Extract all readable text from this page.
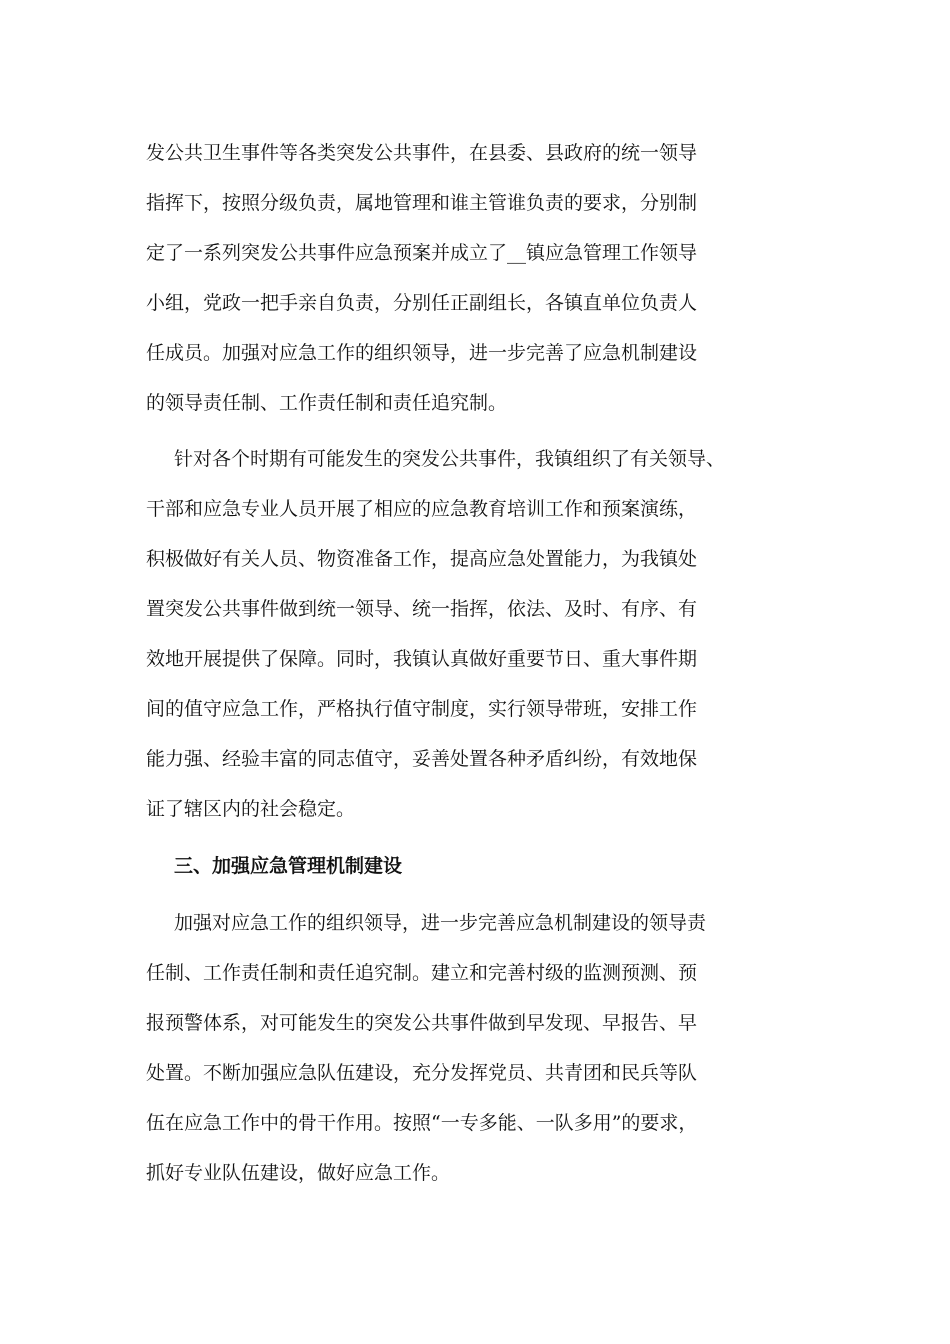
发公共卫生事件等各类突发公共事件，在县委、县政府的统一领导
指挥下，按照分级负责，属地管理和谁主管谁负责的要求，分别制
定了一系列突发公共事件应急预案并成立了__镇应急管理工作领导
小组，党政一把手亲自负责，分别任正副组长，各镇直单位负责人
任成员。加强对应急工作的组织领导，进一步完善了应急机制建设
的领导责任制、工作责任制和责任追究制。
针对各个时期有可能发生的突发公共事件，我镇组织了有关领导、
干部和应急专业人员开展了相应的应急教育培训工作和预案演练，
积极做好有关人员、物资准备工作，提高应急处置能力，为我镇处
置突发公共事件做到统一领导、统一指挥，依法、及时、有序、有
效地开展提供了保障。同时，我镇认真做好重要节日、重大事件期
间的值守应急工作，严格执行值守制度，实行领导带班，安排工作
能力强、经验丰富的同志值守，妥善处置各种矛盾纠纷，有效地保
证了辖区内的社会稳定。
三、加强应急管理机制建设
加强对应急工作的组织领导，进一步完善应急机制建设的领导责
任制、工作责任制和责任追究制。建立和完善村级的监测预测、预
报预警体系，对可能发生的突发公共事件做到早发现、早报告、早
处置。不断加强应急队伍建设，充分发挥党员、共青团和民兵等队
伍在应急工作中的骨干作用。按照“一专多能、一队多用”的要求，
抓好专业队伍建设，做好应急工作。
